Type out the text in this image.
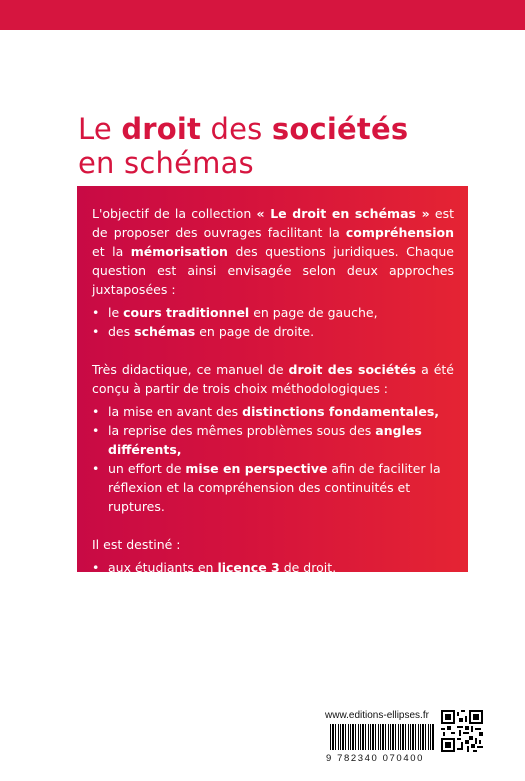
Le droit des sociétés
en schémas

L'objectif de la collection « Le droit en schémas » est de proposer des ouvrages facilitant la compréhension et la mémorisation des questions juridiques. Chaque question est ainsi envisagée selon deux approches juxtaposées :

• le cours traditionnel en page de gauche,
• des schémas en page de droite.

Très didactique, ce manuel de droit des sociétés a été conçu à partir de trois choix méthodologiques :

• la mise en avant des distinctions fondamentales,
• la reprise des mêmes problèmes sous des angles différents,
• un effort de mise en perspective afin de faciliter la réflexion et la compréhension des continuités et ruptures.

Il est destiné :

• aux étudiants en licence 3 de droit,
• aux élèves des écoles de commerce,
• aux candidats aux concours d'accès au CRFPA, et à l'ENM,
• aux professionnels.
www.editions-ellipses.fr
9 782340 070400
